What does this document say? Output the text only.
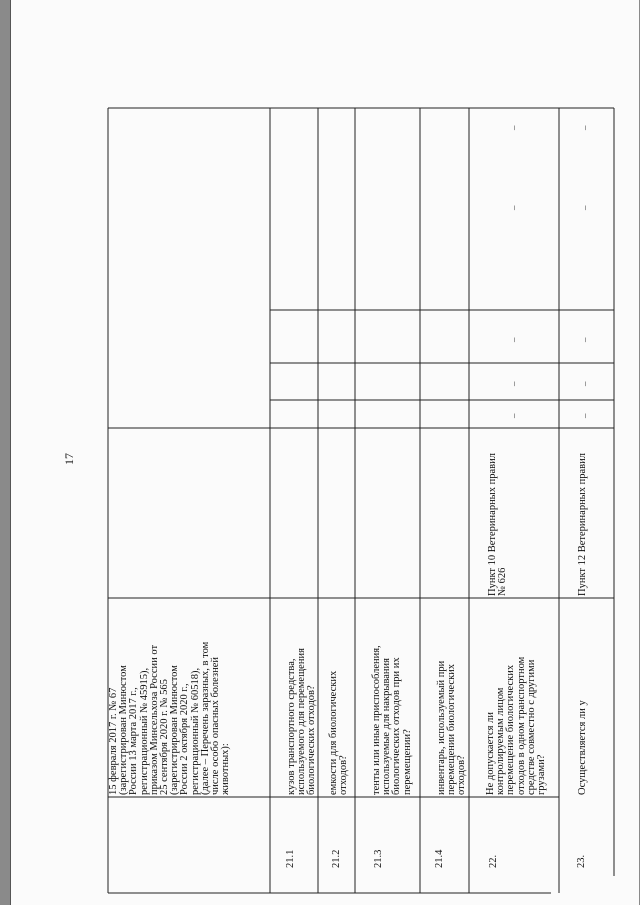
17
15 февраля 2017 г. № 67 (зарегистрирован Минюстом России 13 марта 2017 г., регистрационный № 45915), приказом Минсельхоза России от 25 сентября 2020 г. № 565 (зарегистрирован Минюстом России 2 октября 2020 г., регистрационный № 60518), (далее – Перечень заразных, в том числе особо опасных болезней животных):
21.1
кузов транспортного средства, используемого для перемещения биологических отходов?
21.2
емкости для биологических отходов?
21.3
тенты или иные приспособления, используемые для накрывания биологических отходов при их перемещении?
21.4
инвентарь, используемый при перемещении биологических отходов?
22.
Не допускается ли контролируемым лицом перемещение биологических отходов в одном транспортном средстве совместно с другими грузами?
Пункт 10 Ветеринарных правил № 626
–
–
–
–
–
23.
Осуществляется ли у
Пункт 12 Ветеринарных правил
–
–
–
–
–
